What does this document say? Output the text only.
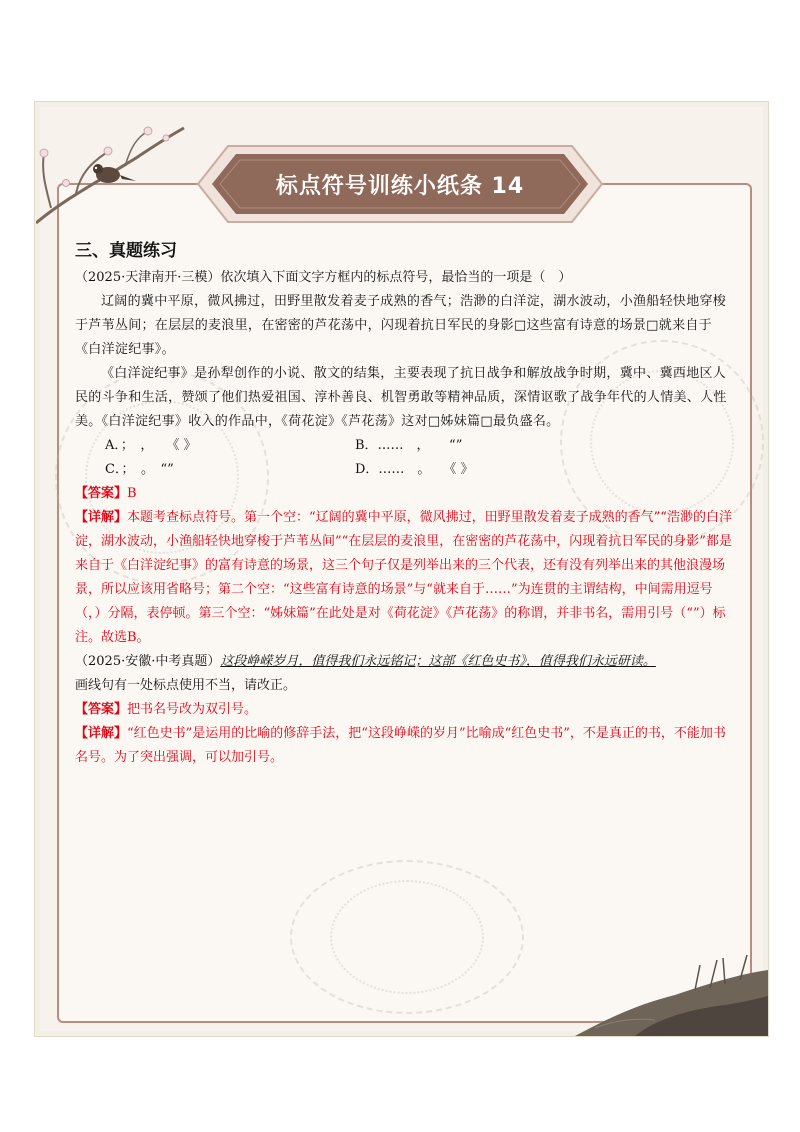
标点符号训练小纸条 14

三、真题练习

（2025·天津南开·三模）依次填入下面文字方框内的标点符号，最恰当的一项是（　）

辽阔的冀中平原，微风拂过，田野里散发着麦子成熟的香气；浩渺的白洋淀，湖水波动，小渔船轻快地穿梭于芦苇丛间；在层层的麦浪里，在密密的芦花荡中，闪现着抗日军民的身影□这些富有诗意的场景□就来自于《白洋淀纪事》。

《白洋淀纪事》是孙犁创作的小说、散文的结集，主要表现了抗日战争和解放战争时期，冀中、冀西地区人民的斗争和生活，赞颂了他们热爱祖国、淳朴善良、机智勇敢等精神品质，深情讴歌了战争年代的人情美、人性美。《白洋淀纪事》收入的作品中，《荷花淀》《芦花荡》这对□姊妹篇□最负盛名。

A．；　，　　《 》	B．……　，　　“”

C．；　。　“”	D．……　。　　《 》

【答案】B

【详解】本题考查标点符号。第一个空：“辽阔的冀中平原，微风拂过，田野里散发着麦子成熟的香气”“浩渺的白洋淀，湖水波动，小渔船轻快地穿梭于芦苇丛间”“在层层的麦浪里，在密密的芦花荡中，闪现着抗日军民的身影”都是来自于《白洋淀纪事》的富有诗意的场景，这三个句子仅是列举出来的三个代表，还有没有列举出来的其他浪漫场景，所以应该用省略号；第二个空：“这些富有诗意的场景”与“就来自于……”为连贯的主谓结构，中间需用逗号（，）分隔，表停顿。第三个空：“姊妹篇”在此处是对《荷花淀》《芦花荡》的称谓，并非书名，需用引号（“”）标注。故选B。

（2025·安徽·中考真题）这段峥嵘岁月，值得我们永远铭记；这部《红色史书》，值得我们永远研读。

画线句有一处标点使用不当，请改正。

【答案】把书名号改为双引号。

【详解】“红色史书”是运用的比喻的修辞手法，把“这段峥嵘的岁月”比喻成“红色史书”，不是真正的书，不能加书名号。为了突出强调，可以加引号。
